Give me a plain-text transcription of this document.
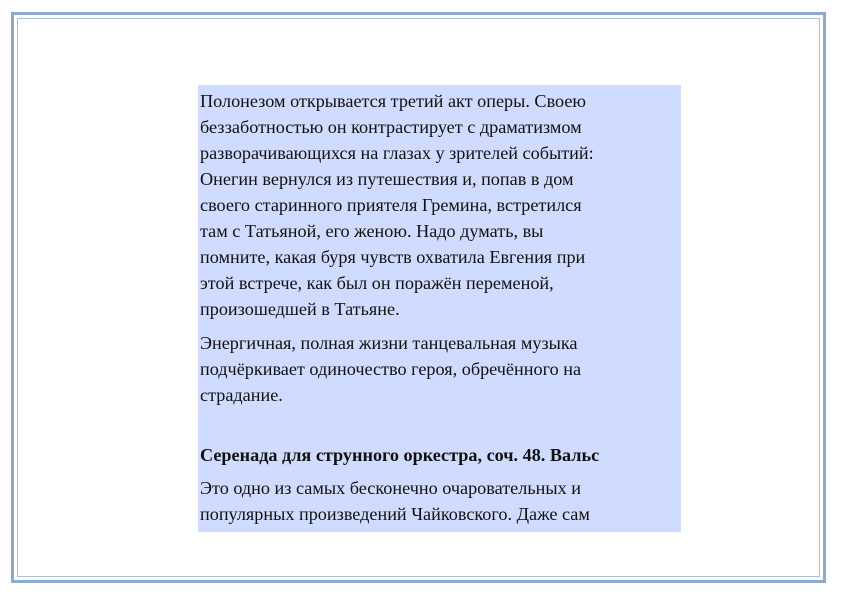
Полонезом открывается третий акт оперы. Своею
беззаботностью он контрастирует с драматизмом
разворачивающихся на глазах у зрителей событий:
Онегин вернулся из путешествия и, попав в дом
своего старинного приятеля Гремина, встретился
там с Татьяной, его женою. Надо думать, вы
помните, какая буря чувств охватила Евгения при
этой встрече, как был он поражён переменой,
произошедшей в Татьяне.
Энергичная, полная жизни танцевальная музыка
подчёркивает одиночество героя, обречённого на
страдание.
Серенада для струнного оркестра, соч. 48. Вальс
Это одно из самых бесконечно очаровательных и
популярных произведений Чайковского. Даже сам
